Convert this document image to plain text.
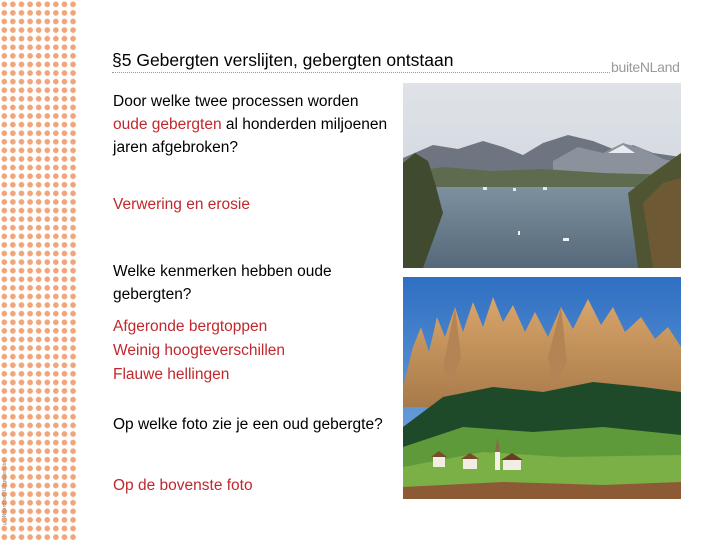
© Noordhoff Uitgevers bv
§5 Gebergten verslijten, gebergten ontstaan	buiteNLand
Door welke twee processen worden oude gebergten al honderden miljoenen jaren afgebroken?
Verwering en erosie
Welke kenmerken hebben oude gebergten?
Afgeronde bergtoppen
Weinig hoogteverschillen
Flauwe hellingen
Op welke foto zie je een oud gebergte?
Op de bovenste foto
